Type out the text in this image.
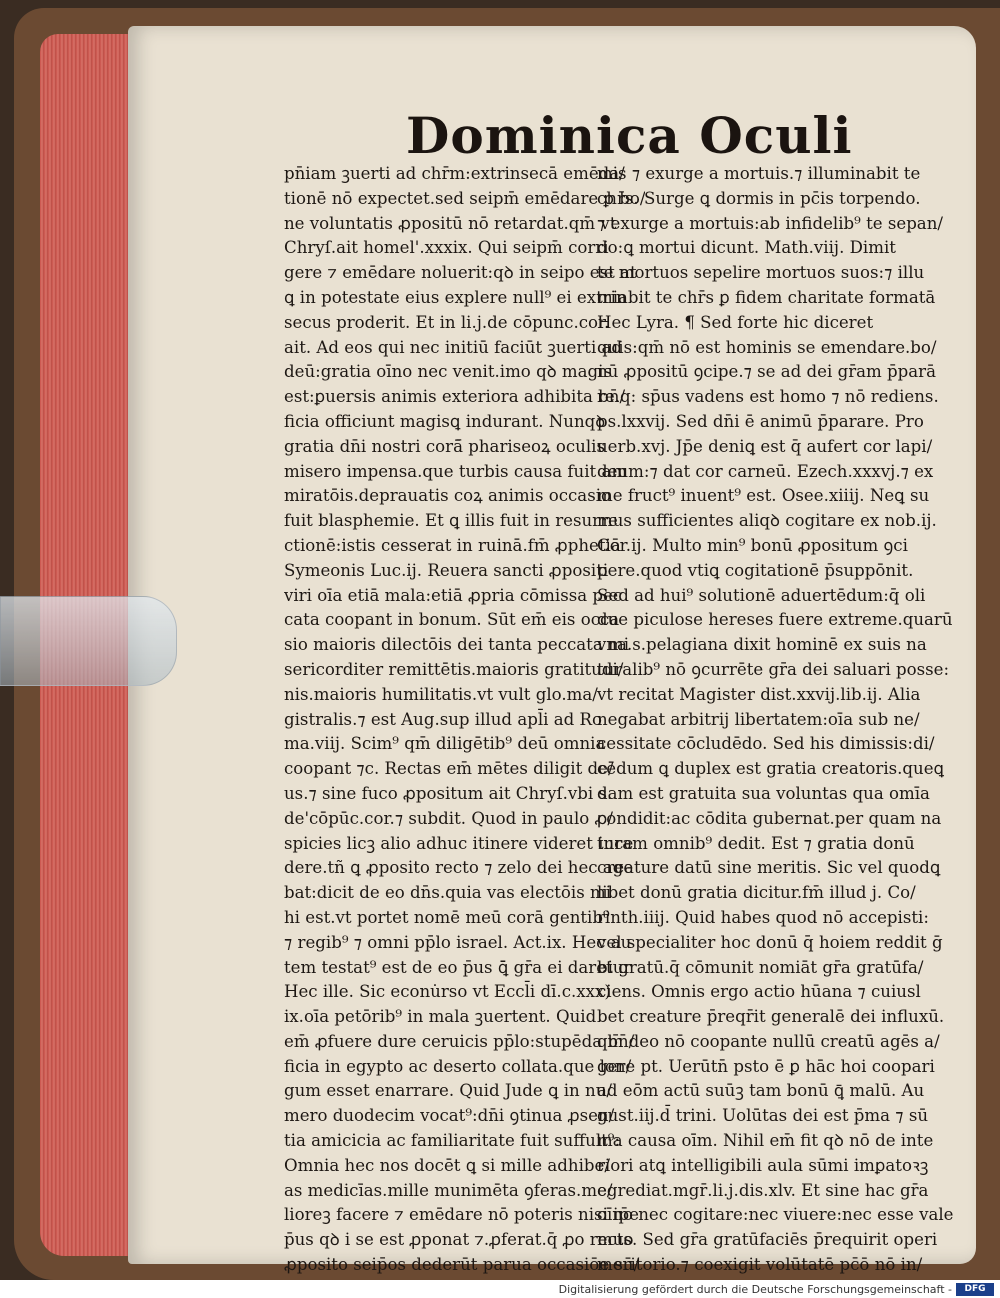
Dominica Oculi
pn̄iam ꝫuerti ad chr̄m:extrinsecā emēda/
tionē nō expectet.sed seipm̄ emēdare ꝑ bo/
ne voluntatis ꝓpositū nō retardat.qm̄ vt
Chryſ.ait homel'.xxxix. Qui seipm̄ corri
gere ⁊ emēdare noluerit:qꝺ in seipo est at
ꝗ in potestate eius explere null⁹ ei extrin
secus proderit. Et in li.j.de cōpunc.cor.
ait. Ad eos qui nec initiū faciūt ꝫuerti ad
deū:gratia oīno nec venit.imo qꝺ magis
est:ꝑuersis animis exteriora adhibita bn̄/
ficia officiunt magisꝗ indurant. Nunqꝺ
gratia dn̄i nostri corā̄ phariseoꝝ oculis
misero impensa.que turbis causa fuit am
miratōis.deprauatis coꝝ animis occasio
fuit blasphemie. Et ꝗ illis fuit in resurre
ctionē:istis cesserat in ruinā.fm̄ ꝓphetiā
Symeonis Luc.ij. Reuera sancti ꝓpositi
viri oīa etiā mala:etiā ꝓpria cōmissa pec
cata coopant in bonum. Sūt em̄ eis occa
sio maioris dilectōis dei tanta peccata mi
sericorditer remittētis.maioris gratitudi/
nis.maioris humilitatis.vt vult glo.ma/
gistralis.⁊ est Aug.sup illud apl̄i ad Ro
ma.viij. Scim⁹ qm̄ diligētib⁹ deū omnia
coopant ⁊c. Rectas em̄ mētes diligit de/
us.⁊ sine fuco ꝓpositum ait Chryſ.vbi s.
de'cōpūc.cor.⁊ subdit. Quod in paulo ꝓ/
spicies licꝫ alio adhuc itinere videret ince
dere.tñ ꝗ ꝓposito recto ⁊ zelo dei hec age
bat:dicit de eo dn̄s.quia vas electōis mi
hi est.vt portet nomē meū corā gentib⁹
⁊ regib⁹ ⁊ omni pp̄lo israel. Act.ix. Hec au
tem testat⁹ est de eo p̄us ꝗ̄ gr̄a ei daretur
Hec ille. Sic econu̇rso vt Eccl̄i dī.c.xxx)
ix.oīa petōrib⁹ in mala ꝫuertent. Quid
em̄ ꝓfuere dure ceruicis pp̄lo:stupēda bn̄/
ficia in egypto ac deserto collata.que lon/
gum esset enarrare. Quid Jude ꝗ in nu/
mero duodecim vocat⁹:dn̄i ꝯtinua ꝓsen/
tia amicicia ac familiaritate fuit suffult⁹:
Omnia hec nos docēt ꝗ si mille adhibe/
as medicīas.mille munimēta ꝯferas.me/
lioreꝫ facere ⁊ emēdare nō poteris nisi ip̄e
p̄us qꝺ i se est ꝓponat ⁊.ꝓferat.q̄ ꝓo recto
ꝓposito seip̄os dederūt parua occasiōe sū/
mis ⁊ exurge a mortuis.⁊ illuminabit te
chr̄s. Surge ꝗ dormis in pc̄is torpendo.
⁊ exurge a mortuis:ab infidelib⁹ te sepan/
do:ꝗ mortui dicunt. Math.viij. Dimit
te mortuos sepelire mortuos suos:⁊ illu
miabit te chr̄s ꝑ fidem charitate formatā
Hec Lyra. ¶ Sed forte hic diceret
quis:qm̄ nō est hominis se emendare.bo/
nū ꝓpositū ꝯcipe.⁊ se ad dei gr̄am p̄parā
re.q: sp̄us vadens est homo ⁊ nō rediens.
ps.lxxvij. Sed dn̄i ē animū p̄parare. Pro
uerb.xvj. Jp̄e deniꝗ est q̄ aufert cor lapi/
deum:⁊ dat cor carneū. Ezech.xxxvj.⁊ ex
me fruct⁹ inuent⁹ est. Osee.xiiij. Neꝗ su
mus sufficientes aliqꝺ cogitare ex nob.ij.
Cor.ij. Multo min⁹ bonū ꝓpositum ꝯci
pere.quod vtiꝗ cogitationē p̄suppōnit.
Sed ad hui⁹ solutionē aduertēdum:q̄ oli
due piculose hereses fuere extreme.quarū
vna.s.pelagiana dixit hominē ex suis na
turalib⁹ nō ꝯcurrēte gr̄a dei saluari posse:
vt recitat Magister dist.xxvij.lib.ij. Alia
negabat arbitrij libertatem:oīa sub ne/
cessitate cōcludēdo. Sed his dimissis:di/
cēdum ꝗ duplex est gratia creatoris.queꝗ
dam est gratuita sua voluntas qua omīa
condidit:ac cōdita gubernat.per quam na
turam omnib⁹ dedit. Est ⁊ gratia donū
creature datū sine meritis. Sic vel quodꝗ
libet donū gratia dicitur.fm̄ illud j. Co/
rinth.iiij. Quid habes quod nō accepisti:
vel specialiter hoc donū q̄ hoiem reddit ḡ
bi gratū.q̄ cōmunit nomiāt gr̄a gratūfa/
ciens. Omnis ergo actio hūana ⁊ cuiusl
bet creature p̄reqr̄it generalē dei influxū.
qm̄ deo nō coopante nullū creatū agēs a/
gere pt. Uerūtn̄ psto ē ꝑ hāc hoi coopari
ad eōm actū suūꝫ tam bonū ꝗ̄ malū. Au
gust.iij.d̄ trini. Uolūtas dei est p̄ma ⁊ sū
ma causa oīm. Nihil em̄ fit qꝺ nō de inte
riori atꝗ intelligibili aula sūmi imꝑatoꝛꝫ
egrediat.mgr̄.li.j.dis.xlv. Et sine hac gr̄a
oīno nec cogitare:nec viuere:nec esse vale
mus. Sed gr̄a gratūfaciēs p̄requirit operi
meritorio.⁊ coexigit volūtatē pc̄ō nō in/
Digitalisierung gefördert durch die Deutsche Forschungsgemeinschaft -	DFG
